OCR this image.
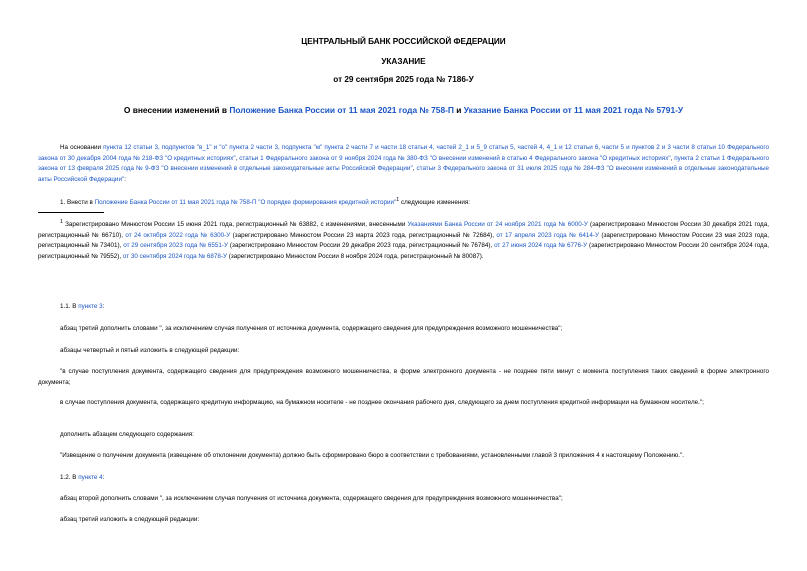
ЦЕНТРАЛЬНЫЙ БАНК РОССИЙСКОЙ ФЕДЕРАЦИИ
УКАЗАНИЕ
от 29 сентября 2025 года № 7186-У
О внесении изменений в Положение Банка России от 11 мая 2021 года № 758-П и Указание Банка России от 11 мая 2021 года № 5791-У
На основании пункта 12 статьи 3, подпунктов "в_1" и "о" пункта 2 части 3, подпункта "м" пункта 2 части 7 и части 18 статьи 4, частей 2_1 и 5_9 статьи 5, частей 4, 4_1 и 12 статьи 6, части 5 и пунктов 2 и 3 части 8 статьи 10 Федерального закона от 30 декабря 2004 года № 218-ФЗ "О кредитных историях", статьи 1 Федерального закона от 9 ноября 2024 года № 380-ФЗ "О внесении изменений в статью 4 Федерального закона "О кредитных историях", пункта 2 статьи 1 Федерального закона от 13 февраля 2025 года № 9-ФЗ "О внесении изменений в отдельные законодательные акты Российской Федерации", статьи 3 Федерального закона от 31 июля 2025 года № 284-ФЗ "О внесении изменений в отдельные законодательные акты Российской Федерации":
1. Внести в Положение Банка России от 11 мая 2021 года № 758-П "О порядке формирования кредитной истории"$^1$ следующие изменения:
$^1$ Зарегистрировано Минюстом России 15 июня 2021 года, регистрационный № 63882, с изменениями, внесенными Указаниями Банка России от 24 ноября 2021 года № 6000-У (зарегистрировано Минюстом России 30 декабря 2021 года, регистрационный № 66710), от 24 октября 2022 года № 6300-У (зарегистрировано Минюстом России 23 марта 2023 года, регистрационный № 72684), от 17 апреля 2023 года № 6414-У (зарегистрировано Минюстом России 23 мая 2023 года, регистрационный № 73401), от 29 сентября 2023 года № 6551-У (зарегистрировано Минюстом России 29 декабря 2023 года, регистрационный № 76784), от 27 июня 2024 года № 6776-У (зарегистрировано Минюстом России 20 сентября 2024 года, регистрационный № 79552), от 30 сентября 2024 года № 6878-У (зарегистрировано Минюстом России 8 ноября 2024 года, регистрационный № 80087).
1.1. В пункте 3:
абзац третий дополнить словами ", за исключением случая получения от источника документа, содержащего сведения для предупреждения возможного мошенничества";
абзацы четвертый и пятый изложить в следующей редакции:
"в случае поступления документа, содержащего сведения для предупреждения возможного мошенничества, в форме электронного документа - не позднее пяти минут с момента поступления таких сведений в форме электронного документа;
в случае поступления документа, содержащего кредитную информацию, на бумажном носителе - не позднее окончания рабочего дня, следующего за днем поступления кредитной информации на бумажном носителе.";
дополнить абзацем следующего содержания:
"Извещение о получении документа (извещение об отклонении документа) должно быть сформировано бюро в соответствии с требованиями, установленными главой 3 приложения 4 к настоящему Положению.".
1.2. В пункте 4:
абзац второй дополнить словами ", за исключением случая получения от источника документа, содержащего сведения для предупреждения возможного мошенничества";
абзац третий изложить в следующей редакции:
